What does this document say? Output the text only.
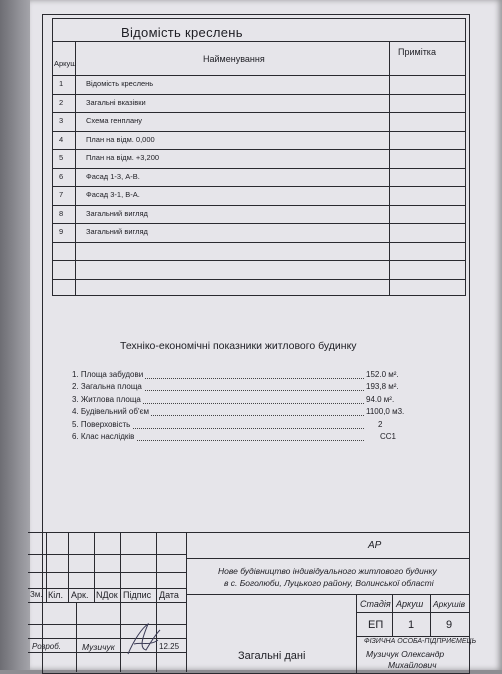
Відомість креслень
Аркуш	Найменування
Примітка
1	Відомість креслень
2	Загальні вказівки
3	Схема генплану
4	План на відм. 0,000
5	План на відм. +3,200
6	Фасад 1-3, А-В.
7	Фасад 3-1, В-А.
8	Загальний вигляд
9	Загальний вигляд
Техніко-економічні показники житлового будинку
1. Площа забудови	152.0 м².
2. Загальна площа	193,8 м².
3. Житлова площа	94.0 м².
4. Будівельний об'єм	1100,0 м3.
5. Поверховість	2
6. Клас наслідків	СС1
Зм. Кіл. Арк. NДок Підпис Дата
Розроб. Музичук	12.25
АР
Нове будівництво індивідуального житлового будинку
в с. Боголюби, Луцького району, Волинської області
Стадія Аркуш Аркушів
ЕП 1	9
Загальні дані
ФІЗИЧНА ОСОБА-ПІДПРИЄМЕЦЬ
Музичук Олександр
Михайлович
